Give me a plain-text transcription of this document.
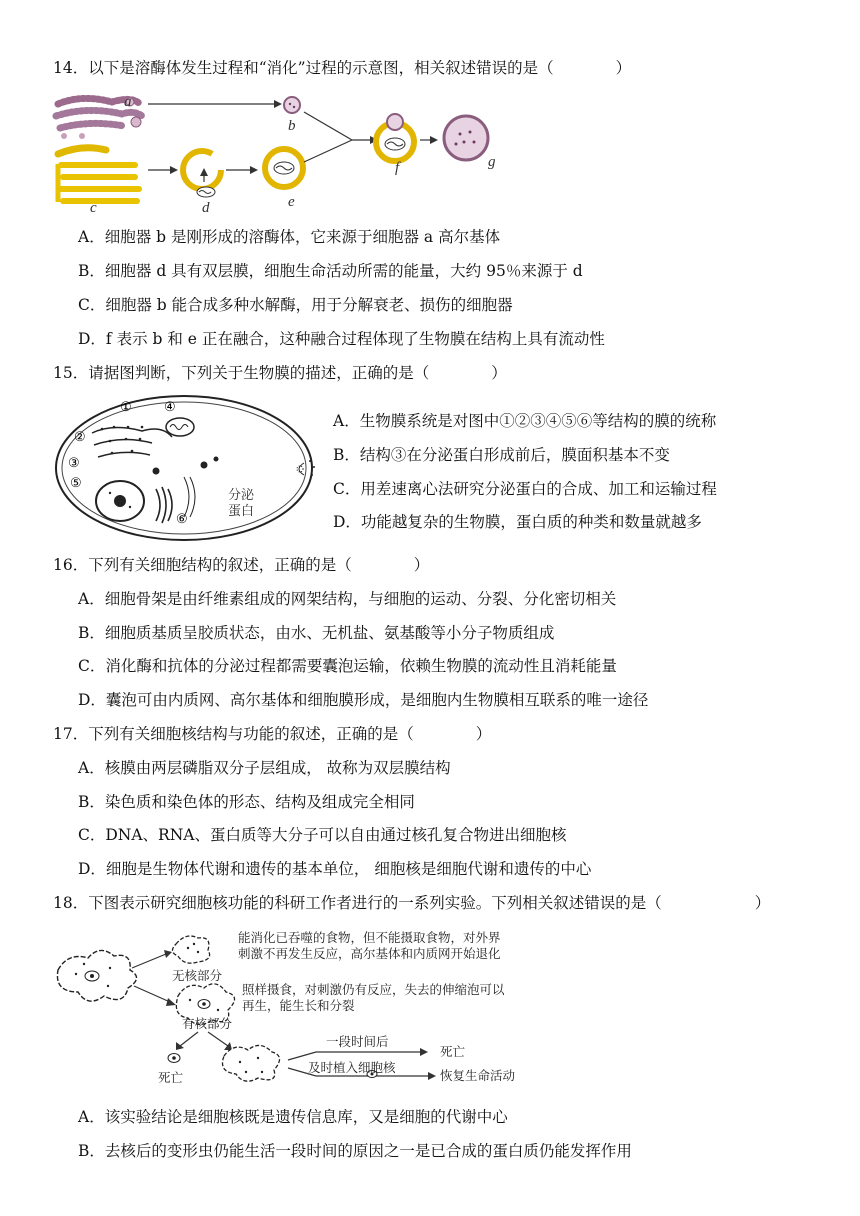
14．以下是溶酶体发生过程和“消化”过程的示意图，相关叙述错误的是（　　　　）
a
b
c	d	e
f	g
A．细胞器 b 是刚形成的溶酶体，它来源于细胞器 a 高尔基体
B．细胞器 d 具有双层膜，细胞生命活动所需的能量，大约 95％来源于 d
C．细胞器 b 能合成多种水解酶，用于分解衰老、损伤的细胞器
D．f 表示 b 和 e 正在融合，这种融合过程体现了生物膜在结构上具有流动性
15．请据图判断，下列关于生物膜的描述，正确的是（　　　　）
① ④
②
③
⑤
⑥
分泌
蛋白
A．生物膜系统是对图中①②③④⑤⑥等结构的膜的统称
B．结构③在分泌蛋白形成前后，膜面积基本不变
C．用差速离心法研究分泌蛋白的合成、加工和运输过程
D．功能越复杂的生物膜，蛋白质的种类和数量就越多
16．下列有关细胞结构的叙述，正确的是（　　　　）
A．细胞骨架是由纤维素组成的网架结构，与细胞的运动、分裂、分化密切相关
B．细胞质基质呈胶质状态，由水、无机盐、氨基酸等小分子物质组成
C．消化酶和抗体的分泌过程都需要囊泡运输，依赖生物膜的流动性且消耗能量
D．囊泡可由内质网、高尔基体和细胞膜形成，是细胞内生物膜相互联系的唯一途径
17．下列有关细胞核结构与功能的叙述，正确的是（　　　　）
A．核膜由两层磷脂双分子层组成， 故称为双层膜结构
B．染色质和染色体的形态、结构及组成完全相同
C．DNA、RNA、蛋白质等大分子可以自由通过核孔复合物进出细胞核
D．细胞是生物体代谢和遗传的基本单位， 细胞核是细胞代谢和遗传的中心
18．下图表示研究细胞核功能的科研工作者进行的一系列实验。下列相关叙述错误的是（　　　　　　）
无核部分
能消化已吞噬的食物，但不能摄取食物，对外界
刺激不再发生反应，高尔基体和内质网开始退化
照样摄食，对刺激仍有反应，失去的伸缩泡可以
再生，能生长和分裂
有核部分
死亡
一段时间后
及时植入细胞核
死亡
恢复生命活动
A．该实验结论是细胞核既是遗传信息库，又是细胞的代谢中心
B．去核后的变形虫仍能生活一段时间的原因之一是已合成的蛋白质仍能发挥作用
